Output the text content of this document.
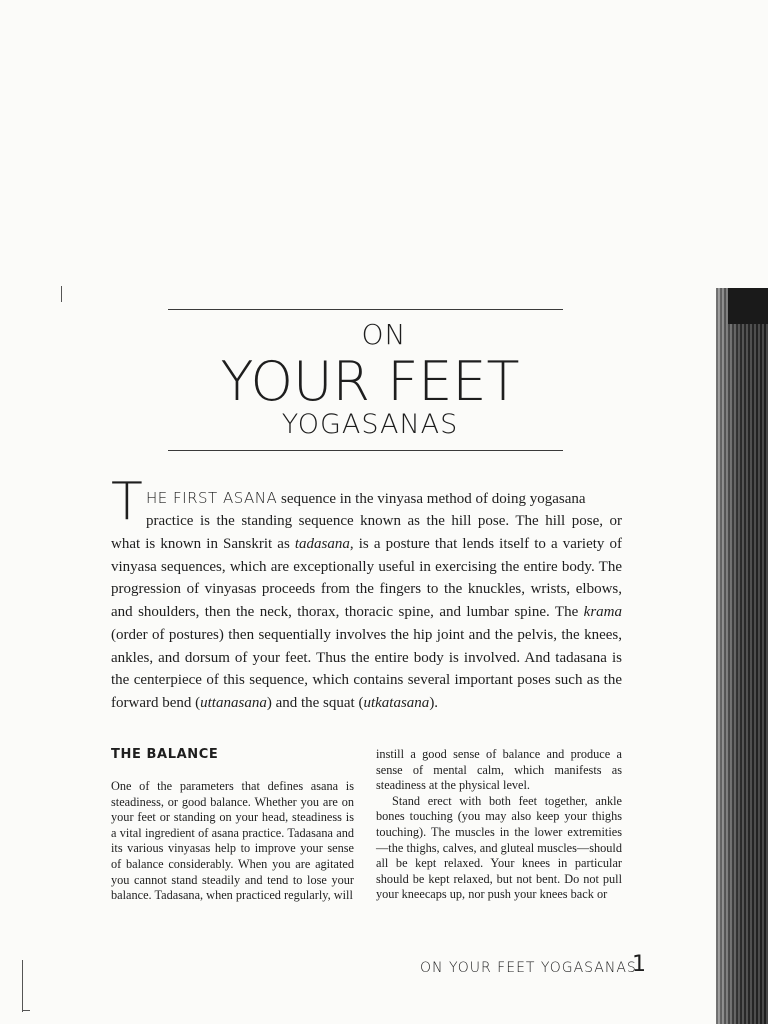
ON
YOUR FEET
YOGASANAS
T HE FIRST ASANA sequence in the vinyasa method of doing yogasana
practice is the standing sequence known as the hill pose. The hill pose, or
what is known in Sanskrit as tadasana, is a posture that lends itself to a variety of vinyasa sequences, which are exceptionally useful in exercising the entire body. The progression of vinyasas proceeds from the fingers to the knuckles, wrists, elbows, and shoulders, then the neck, thorax, thoracic spine, and lumbar spine. The krama (order of postures) then sequentially involves the hip joint and the pelvis, the knees, ankles, and dorsum of your feet. Thus the entire body is involved. And tadasana is the centerpiece of this sequence, which contains several important poses such as the forward bend (uttanasana) and the squat (utkatasana).
THE BALANCE

One of the parameters that defines asana is steadiness, or good balance. Whether you are on your feet or standing on your head, steadiness is a vital ingredient of asana practice. Tadasana and its various vinyasas help to improve your sense of balance considerably. When you are agitated you cannot stand steadily and tend to lose your balance. Tadasana, when practiced regularly, will

instill a good sense of balance and produce a sense of mental calm, which manifests as steadiness at the physical level.

Stand erect with both feet together, ankle bones touching (you may also keep your thighs touching). The muscles in the lower extremities—the thighs, calves, and gluteal muscles—should all be kept relaxed. Your knees in particular should be kept relaxed, but not bent. Do not pull your kneecaps up, nor push your knees back or

ON YOUR FEET YOGASANAS
1
